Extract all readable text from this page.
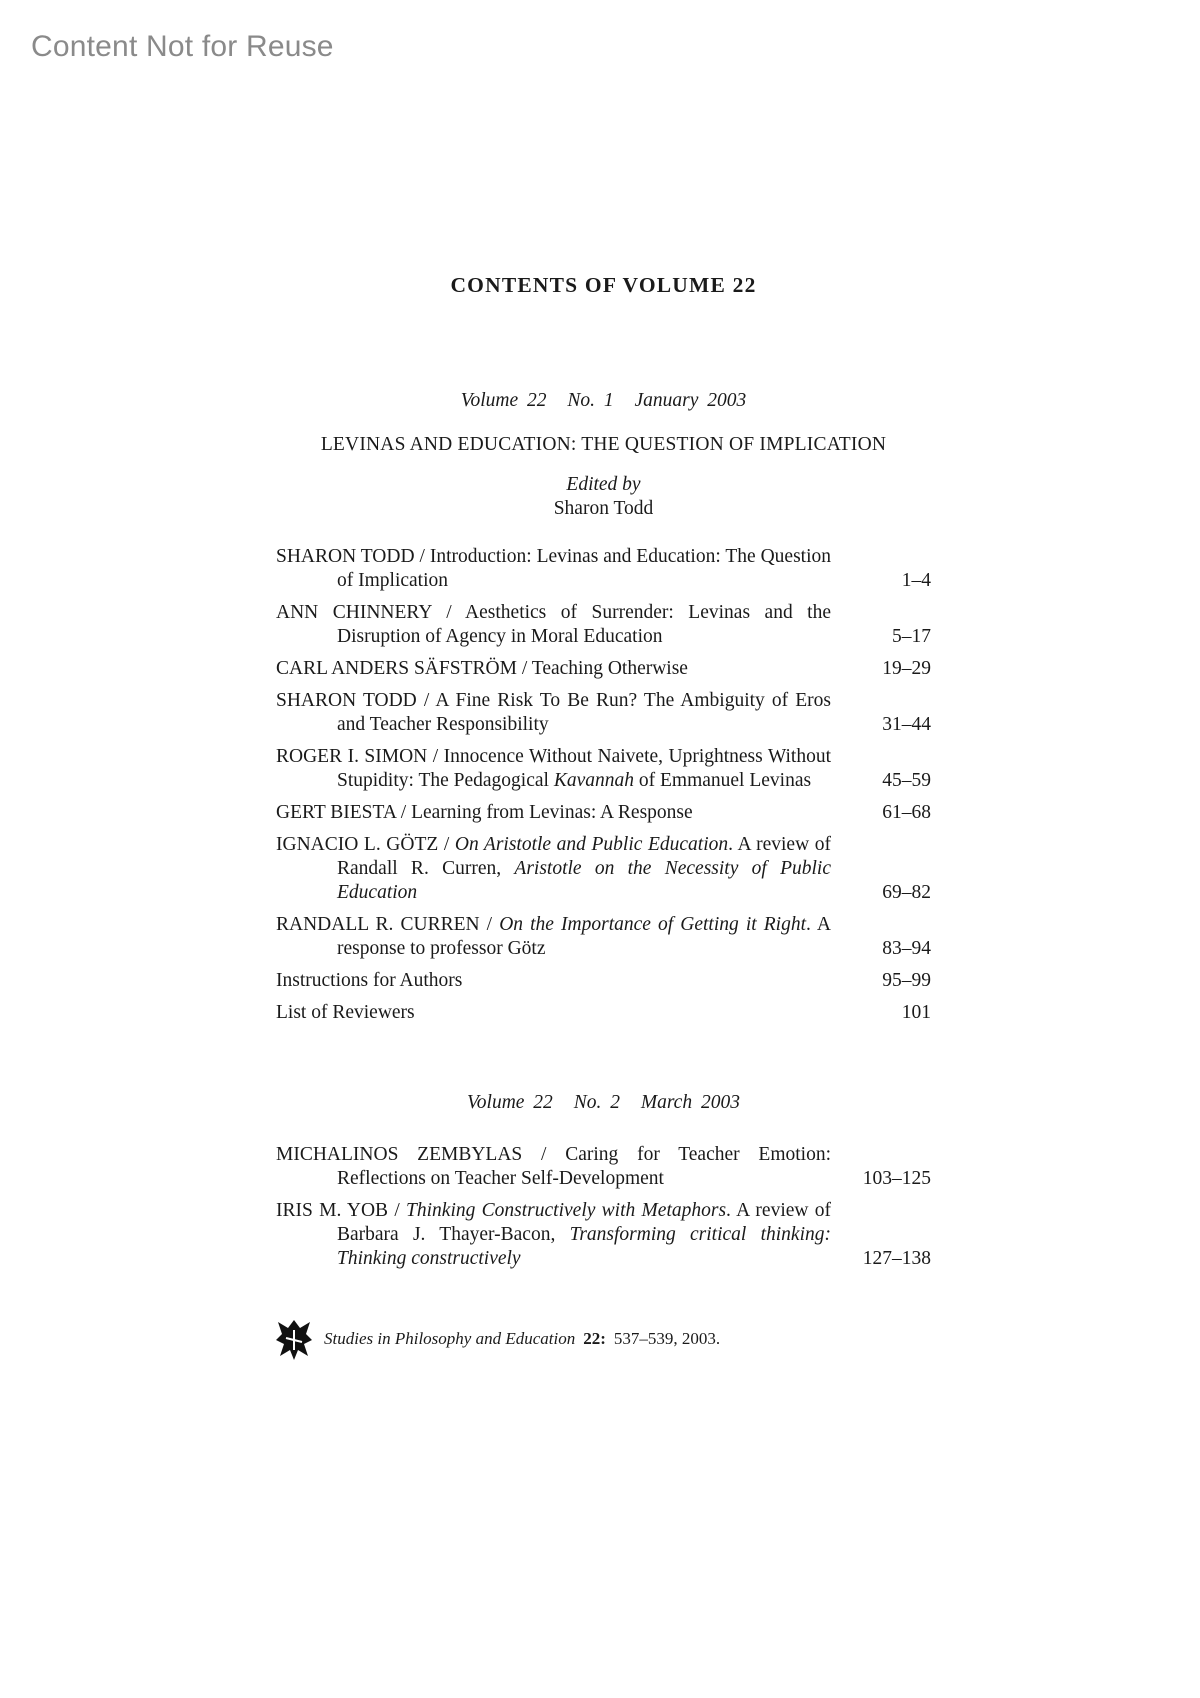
Content Not for Reuse
CONTENTS OF VOLUME 22
Volume 22 No. 1 January 2003
LEVINAS AND EDUCATION: THE QUESTION OF IMPLICATION
Edited by
Sharon Todd
SHARON TODD / Introduction: Levinas and Education: The Question of Implication	1–4
ANN CHINNERY / Aesthetics of Surrender: Levinas and the Disruption of Agency in Moral Education	5–17
CARL ANDERS SÄFSTRÖM / Teaching Otherwise	19–29
SHARON TODD / A Fine Risk To Be Run? The Ambiguity of Eros and Teacher Responsibility	31–44
ROGER I. SIMON / Innocence Without Naivete, Uprightness Without Stupidity: The Pedagogical Kavannah of Emmanuel Levinas	45–59
GERT BIESTA / Learning from Levinas: A Response	61–68
IGNACIO L. GÖTZ / On Aristotle and Public Education. A review of Randall R. Curren, Aristotle on the Necessity of Public Education	69–82
RANDALL R. CURREN / On the Importance of Getting it Right. A response to professor Götz	83–94
Instructions for Authors	95–99
List of Reviewers	101
Volume 22 No. 2 March 2003
MICHALINOS ZEMBYLAS / Caring for Teacher Emotion: Reflections on Teacher Self-Development	103–125
IRIS M. YOB / Thinking Constructively with Metaphors. A review of Barbara J. Thayer-Bacon, Transforming critical thinking: Thinking constructively	127–138
Studies in Philosophy and Education 22: 537–539, 2003.
